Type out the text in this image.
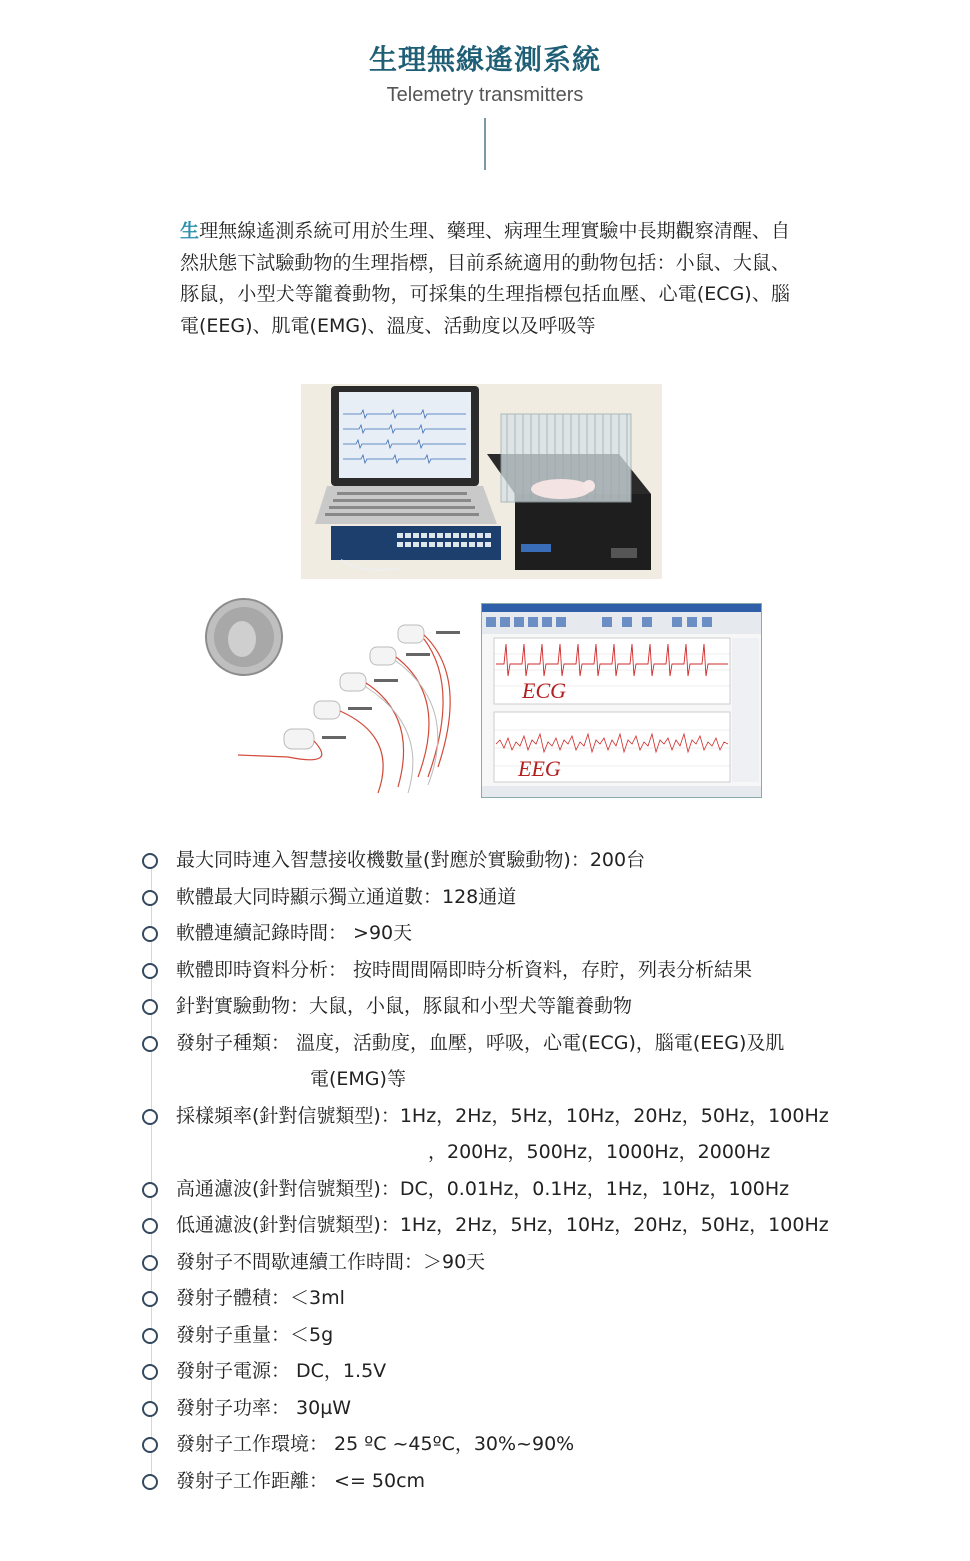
生理無線遙測系統
Telemetry transmitters
生理無線遙測系統可用於生理、藥理、病理生理實驗中長期觀察清醒、自然狀態下試驗動物的生理指標，目前系統適用的動物包括：小鼠、大鼠、豚鼠，小型犬等籠養動物，可採集的生理指標包括血壓、心電(ECG)、腦電(EEG)、肌電(EMG)、溫度、活動度以及呼吸等
ECG
EEG
最大同時連入智慧接收機數量(對應於實驗動物)：200台
軟體最大同時顯示獨立通道數：128通道
軟體連續記錄時間： >90天
軟體即時資料分析： 按時間間隔即時分析資料，存貯，列表分析結果
針對實驗動物：大鼠，小鼠，豚鼠和小型犬等籠養動物
發射子種類： 溫度，活動度，血壓，呼吸，心電(ECG)，腦電(EEG)及肌
電(EMG)等
採樣頻率(針對信號類型)：1Hz，2Hz，5Hz，10Hz，20Hz，50Hz，100Hz
，200Hz，500Hz，1000Hz，2000Hz
高通濾波(針對信號類型)：DC，0.01Hz，0.1Hz，1Hz，10Hz，100Hz
低通濾波(針對信號類型)：1Hz，2Hz，5Hz，10Hz，20Hz，50Hz，100Hz
發射子不間歇連續工作時間：＞90天
發射子體積：＜3ml
發射子重量：＜5g
發射子電源： DC，1.5V
發射子功率： 30µW
發射子工作環境： 25 ºC ~45ºC，30%~90%
發射子工作距離： <= 50cm
